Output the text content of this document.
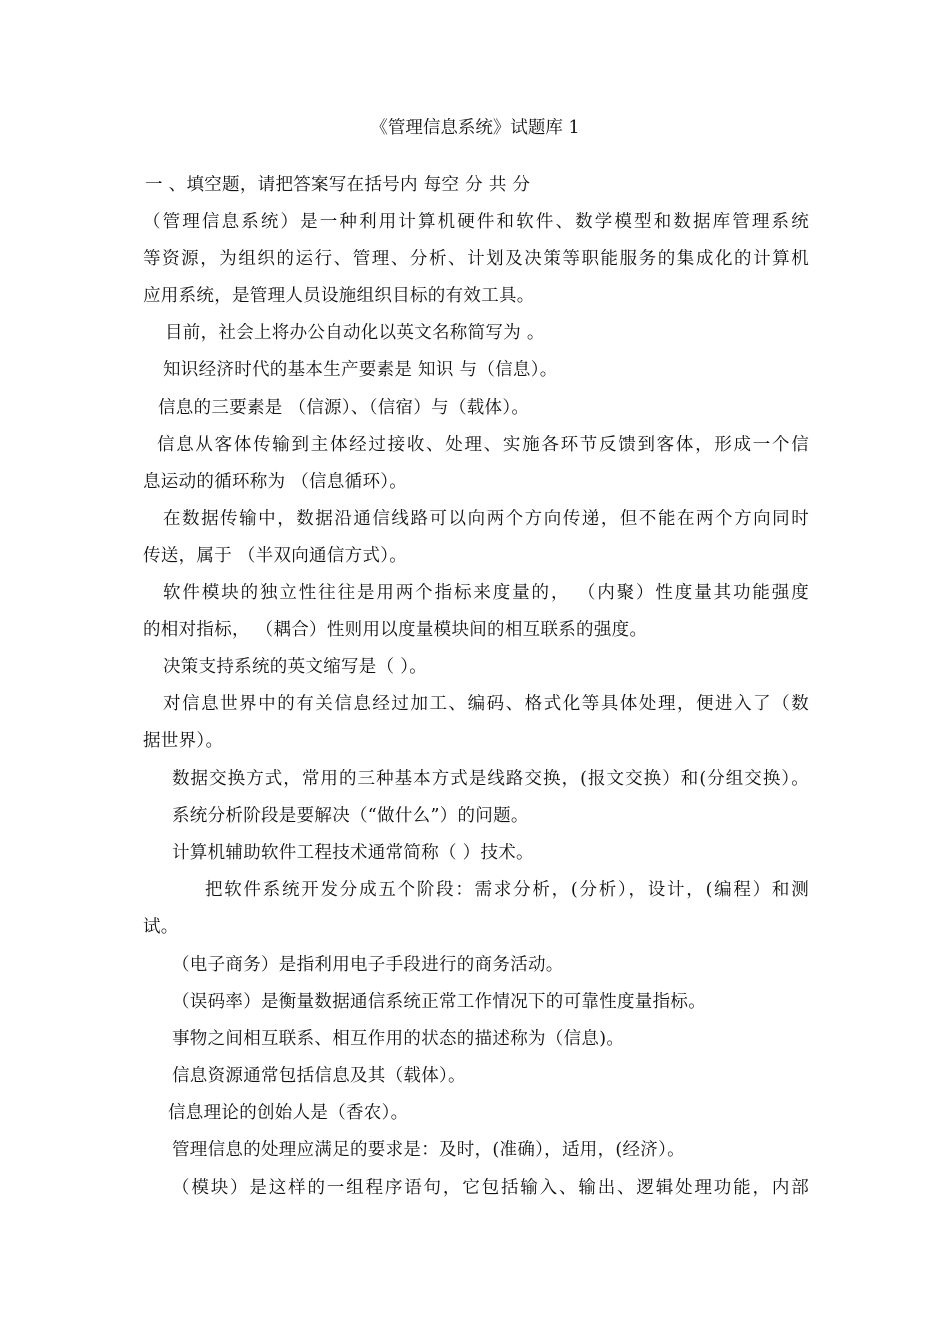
《管理信息系统》试题库 1

一 、填空题，请把答案写在括号内 每空 分 共 分

（管理信息系统）是一种利用计算机硬件和软件、数学模型和数据库管理系统

等资源，为组织的运行、管理、分析、计划及决策等职能服务的集成化的计算机

应用系统，是管理人员设施组织目标的有效工具。

目前，社会上将办公自动化以英文名称简写为 。

知识经济时代的基本生产要素是 知识 与（信息）。

信息的三要素是 （信源）、（信宿）与（载体）。

信息从客体传输到主体经过接收、处理、实施各环节反馈到客体，形成一个信

息运动的循环称为 （信息循环）。

在数据传输中，数据沿通信线路可以向两个方向传递，但不能在两个方向同时

传送，属于 （半双向通信方式）。

软件模块的独立性往往是用两个指标来度量的， （内聚）性度量其功能强度

的相对指标， （耦合）性则用以度量模块间的相互联系的强度。

决策支持系统的英文缩写是（ ）。

对信息世界中的有关信息经过加工、编码、格式化等具体处理，便进入了（数

据世界）。

数据交换方式，常用的三种基本方式是线路交换，(报文交换）和(分组交换）。

系统分析阶段是要解决（“做什么”）的问题。

计算机辅助软件工程技术通常简称（ ）技术。

把软件系统开发分成五个阶段：需求分析，(分析），设计，(编程）和测

试。

（电子商务）是指利用电子手段进行的商务活动。

（误码率）是衡量数据通信系统正常工作情况下的可靠性度量指标。

事物之间相互联系、相互作用的状态的描述称为（信息)。

信息资源通常包括信息及其（载体）。

信息理论的创始人是（香农）。

管理信息的处理应满足的要求是：及时，(准确），适用，(经济）。

（模块）是这样的一组程序语句，它包括输入、输出、逻辑处理功能，内部
